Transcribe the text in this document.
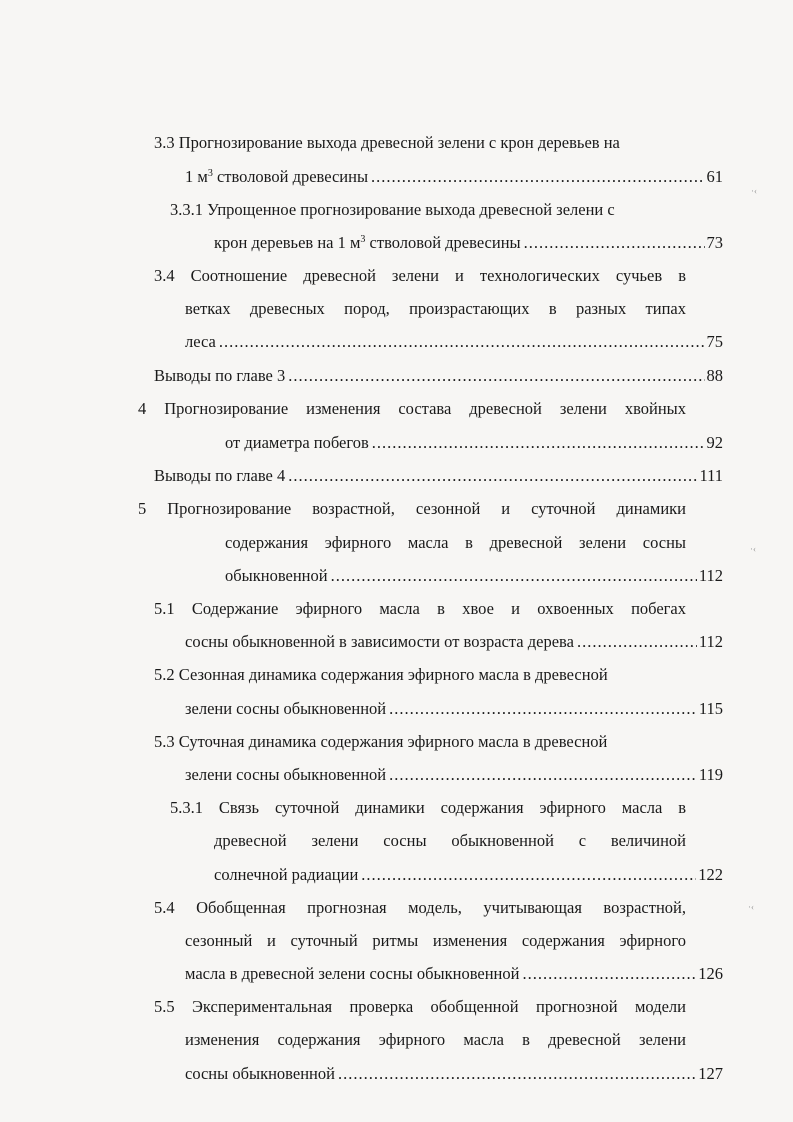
3.3 Прогнозирование выхода древесной зелени с крон деревьев на
1 $м^3$ стволовой древесины .....	61
3.3.1 Упрощенное прогнозирование выхода древесной зелени с
крон деревьев на 1 $м^3$ стволовой древесины .....	73
3.4 Соотношение древесной зелени и технологических сучьев в
ветках древесных пород, произрастающих в разных типах
леса .....	75
Выводы по главе 3 .....	88
4 Прогнозирование изменения состава древесной зелени хвойных
от диаметра побегов .....	92
Выводы по главе 4 .....	111
5 Прогнозирование возрастной, сезонной и суточной динамики
содержания эфирного масла в древесной зелени сосны
обыкновенной .....	112
5.1 Содержание эфирного масла в хвое и охвоенных побегах
сосны обыкновенной в зависимости от возраста дерева .....	112
5.2 Сезонная динамика содержания эфирного масла в древесной
зелени сосны обыкновенной .....	115
5.3 Суточная динамика содержания эфирного масла в древесной
зелени сосны обыкновенной .....	119
5.3.1 Связь суточной динамики содержания эфирного масла в
древесной зелени сосны обыкновенной с величиной
солнечной радиации .....	122
5.4 Обобщенная прогнозная модель, учитывающая возрастной,
сезонный и суточный ритмы изменения содержания эфирного
масла в древесной зелени сосны обыкновенной .....	126
5.5 Экспериментальная проверка обобщенной прогнозной модели
изменения содержания эфирного масла в древесной зелени
сосны обыкновенной .....	127
·‹
·‹
·‹
